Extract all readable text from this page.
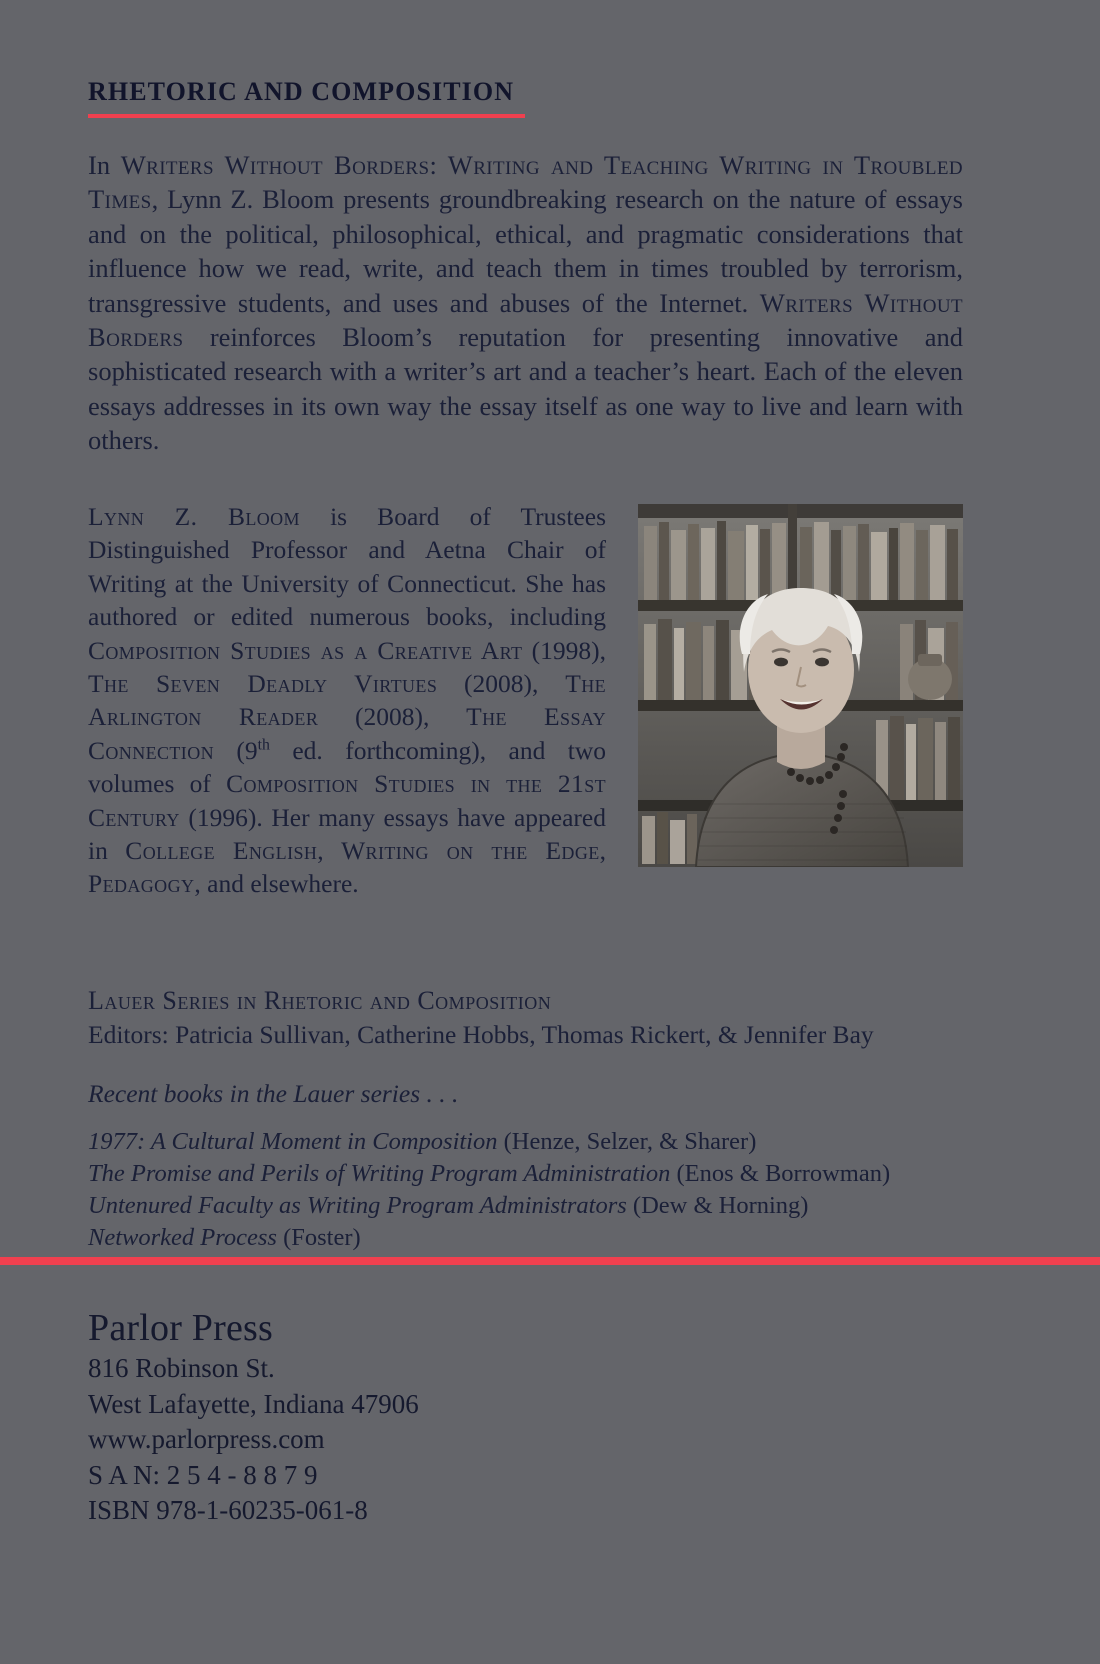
RHETORIC AND COMPOSITION
In Writers Without Borders: Writing and Teaching Writing in Troubled Times, Lynn Z. Bloom presents groundbreaking research on the nature of essays and on the political, philosophical, ethical, and pragmatic considerations that influence how we read, write, and teach them in times troubled by terrorism, transgressive students, and uses and abuses of the Internet. Writers Without Borders reinforces Bloom’s reputation for presenting innovative and sophisticated research with a writer’s art and a teacher’s heart. Each of the eleven essays addresses in its own way the essay itself as one way to live and learn with others.
Lynn Z. Bloom is Board of Trustees Distinguished Professor and Aetna Chair of Writing at the University of Connecticut. She has authored or edited numerous books, including Composition Studies as a Creative Art (1998), The Seven Deadly Virtues (2008), The Arlington Reader (2008), The Essay Connection (9th ed. forthcoming), and two volumes of Composition Studies in the 21st Century (1996). Her many essays have appeared in College English, Writing on the Edge, Pedagogy, and elsewhere.
Lauer Series in Rhetoric and Composition
Editors: Patricia Sullivan, Catherine Hobbs, Thomas Rickert, & Jennifer Bay
Recent books in the Lauer series . . .
1977: A Cultural Moment in Composition (Henze, Selzer, & Sharer)
The Promise and Perils of Writing Program Administration (Enos & Borrowman)
Untenured Faculty as Writing Program Administrators (Dew & Horning)
Networked Process (Foster)
Parlor Press
816 Robinson St.
West Lafayette, Indiana 47906
www.parlorpress.com
S A N: 2 5 4 - 8 8 7 9
ISBN 978-1-60235-061-8
